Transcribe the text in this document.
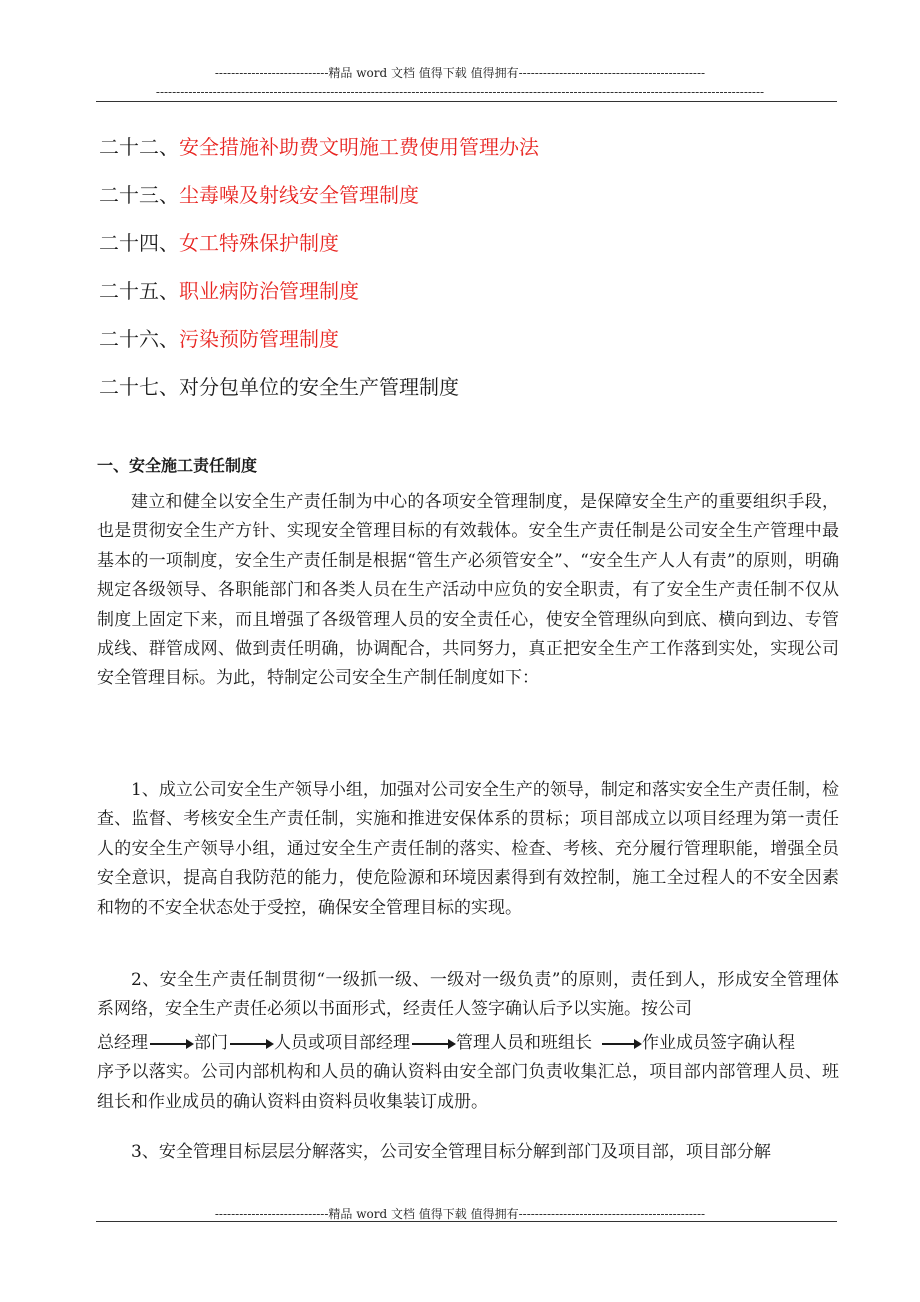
----------------------------精品 word 文档 值得下载 值得拥有----------------------------------------------
------------------------------------------------------------------------------------------------------------------------------------------------------
二十二、安全措施补助费文明施工费使用管理办法
二十三、尘毒噪及射线安全管理制度
二十四、女工特殊保护制度
二十五、职业病防治管理制度
二十六、污染预防管理制度
二十七、对分包单位的安全生产管理制度
一、安全施工责任制度

建立和健全以安全生产责任制为中心的各项安全管理制度，是保障安全生产的重要组织手段，也是贯彻安全生产方针、实现安全管理目标的有效载体。安全生产责任制是公司安全生产管理中最基本的一项制度，安全生产责任制是根据“管生产必须管安全”、“安全生产人人有责”的原则，明确规定各级领导、各职能部门和各类人员在生产活动中应负的安全职责，有了安全生产责任制不仅从制度上固定下来，而且增强了各级管理人员的安全责任心，使安全管理纵向到底、横向到边、专管成线、群管成网、做到责任明确，协调配合，共同努力，真正把安全生产工作落到实处，实现公司安全管理目标。为此，特制定公司安全生产制任制度如下：

1、成立公司安全生产领导小组，加强对公司安全生产的领导，制定和落实安全生产责任制，检查、监督、考核安全生产责任制，实施和推进安保体系的贯标；项目部成立以项目经理为第一责任人的安全生产领导小组，通过安全生产责任制的落实、检查、考核、充分履行管理职能，增强全员安全意识，提高自我防范的能力，使危险源和环境因素得到有效控制，施工全过程人的不安全因素和物的不安全状态处于受控，确保安全管理目标的实现。

2、安全生产责任制贯彻“一级抓一级、一级对一级负责”的原则，责任到人，形成安全管理体系网络，安全生产责任必须以书面形式，经责任人签字确认后予以实施。按公司

总经理	部门	人员或项目部经理	管理人员和班组长	作业成员签字确认程

序予以落实。公司内部机构和人员的确认资料由安全部门负责收集汇总，项目部内部管理人员、班组长和作业成员的确认资料由资料员收集装订成册。

3、安全管理目标层层分解落实，公司安全管理目标分解到部门及项目部，项目部分解

----------------------------精品 word 文档 值得下载 值得拥有----------------------------------------------
